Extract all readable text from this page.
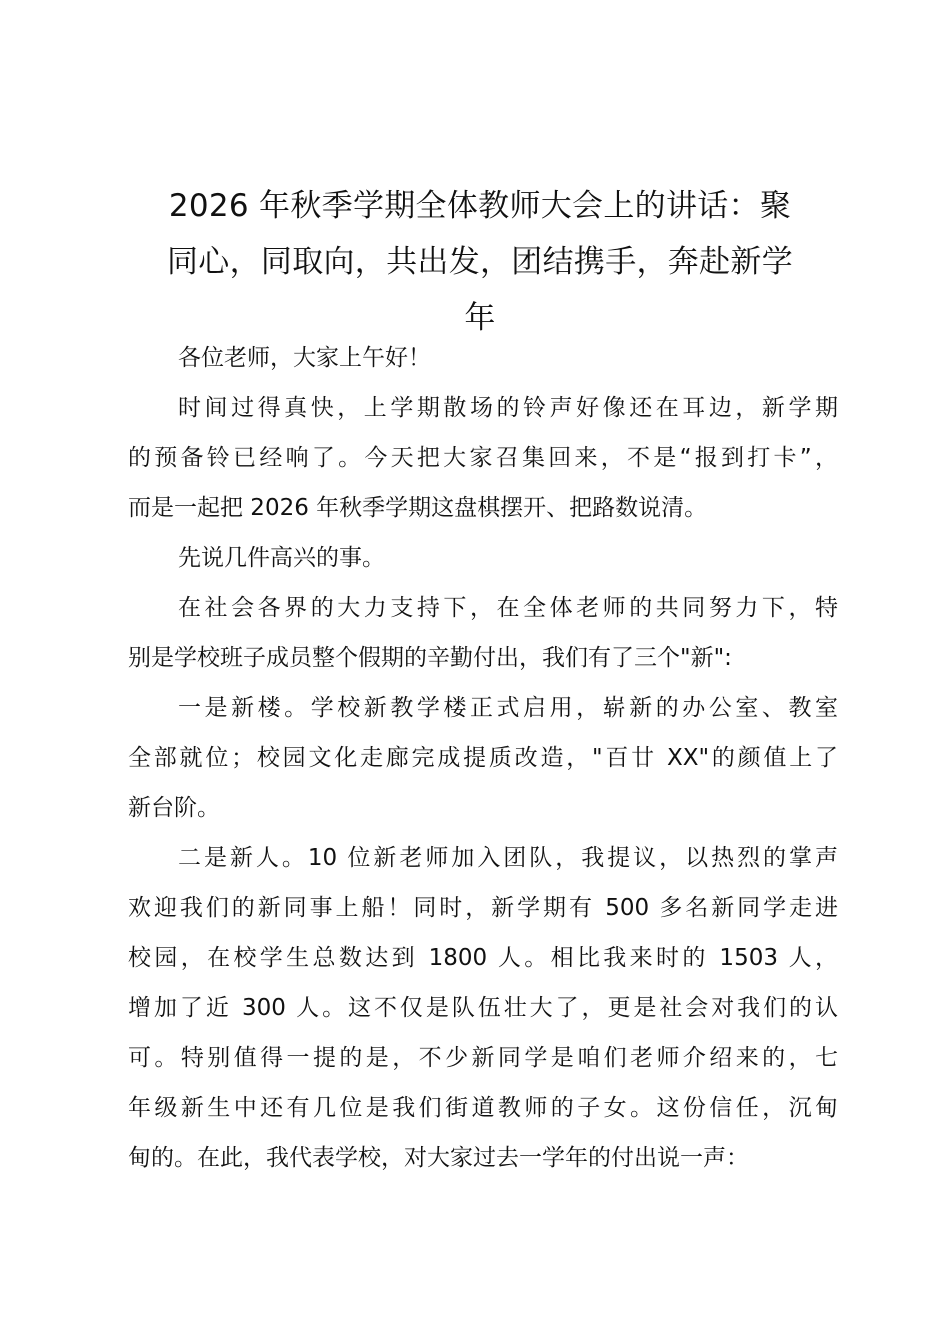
2026 年秋季学期全体教师大会上的讲话：聚
同心，同取向，共出发，团结携手，奔赴新学
年

各位老师，大家上午好！

时间过得真快，上学期散场的铃声好像还在耳边，新学期
的预备铃已经响了。今天把大家召集回来，不是“报到打卡”，
而是一起把 2026 年秋季学期这盘棋摆开、把路数说清。

先说几件高兴的事。

在社会各界的大力支持下，在全体老师的共同努力下，特
别是学校班子成员整个假期的辛勤付出，我们有了三个"新":

一是新楼。学校新教学楼正式启用，崭新的办公室、教室
全部就位；校园文化走廊完成提质改造，"百廿 XX"的颜值上了
新台阶。

二是新人。10 位新老师加入团队，我提议，以热烈的掌声
欢迎我们的新同事上船！同时，新学期有 500 多名新同学走进
校园，在校学生总数达到 1800 人。相比我来时的 1503 人，
增加了近 300 人。这不仅是队伍壮大了，更是社会对我们的认
可。特别值得一提的是，不少新同学是咱们老师介绍来的，七
年级新生中还有几位是我们街道教师的子女。这份信任，沉甸
甸的。在此，我代表学校，对大家过去一学年的付出说一声：
